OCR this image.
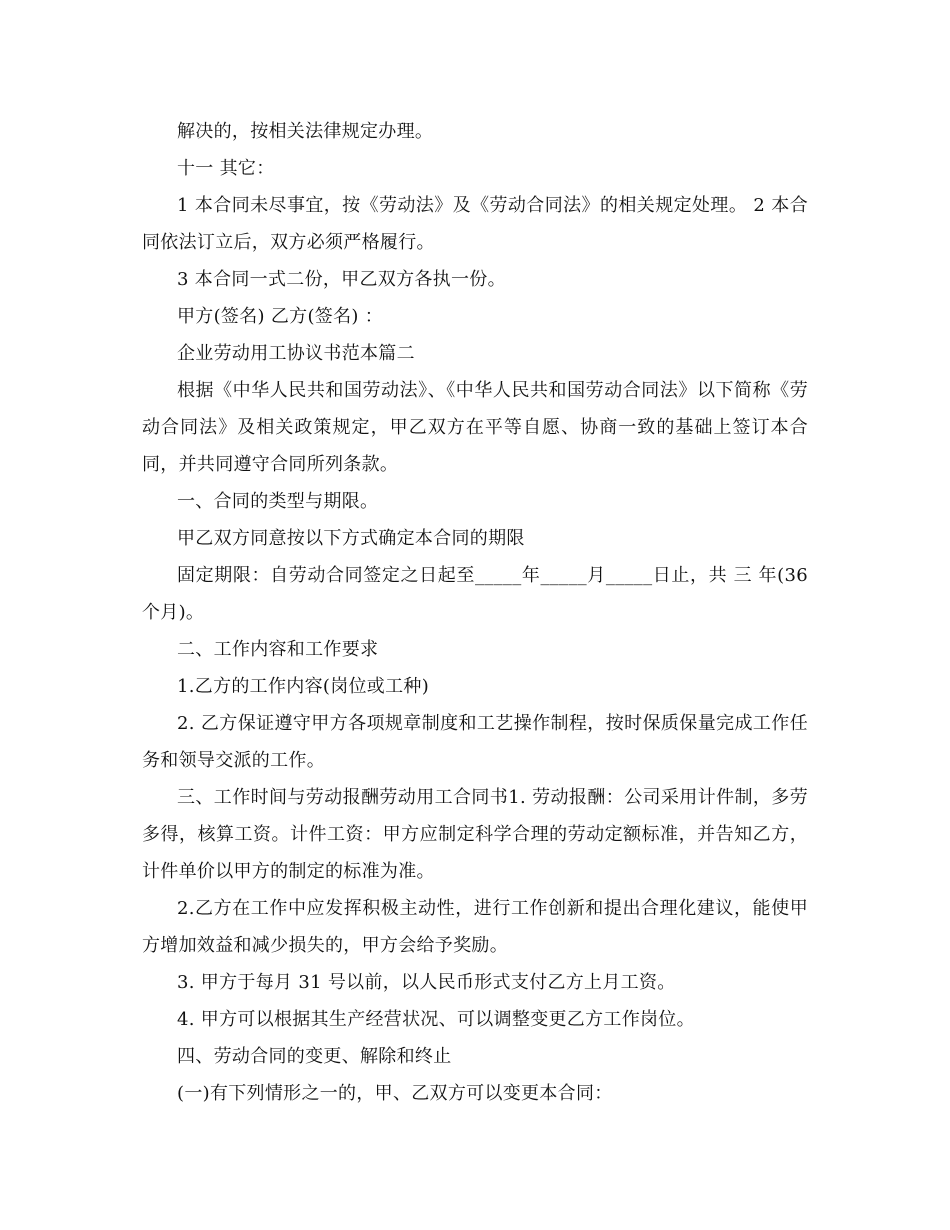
解决的，按相关法律规定办理。

十一 其它：

1 本合同未尽事宜，按《劳动法》及《劳动合同法》的相关规定处理。 2 本合同依法订立后，双方必须严格履行。

3 本合同一式二份，甲乙双方各执一份。

甲方(签名) 乙方(签名) ：

企业劳动用工协议书范本篇二

根据《中华人民共和国劳动法》、《中华人民共和国劳动合同法》以下简称《劳动合同法》及相关政策规定，甲乙双方在平等自愿、协商一致的基础上签订本合同，并共同遵守合同所列条款。

一、合同的类型与期限。

甲乙双方同意按以下方式确定本合同的期限

固定期限：自劳动合同签定之日起至_____年_____月_____日止，共 三 年(36个月)。

二、工作内容和工作要求

1.乙方的工作内容(岗位或工种)

2. 乙方保证遵守甲方各项规章制度和工艺操作制程，按时保质保量完成工作任务和领导交派的工作。

三、工作时间与劳动报酬劳动用工合同书1. 劳动报酬：公司采用计件制，多劳多得，核算工资。计件工资：甲方应制定科学合理的劳动定额标准，并告知乙方，计件单价以甲方的制定的标准为准。

2.乙方在工作中应发挥积极主动性，进行工作创新和提出合理化建议，能使甲方增加效益和减少损失的，甲方会给予奖励。

3. 甲方于每月 31 号以前，以人民币形式支付乙方上月工资。

4. 甲方可以根据其生产经营状况、可以调整变更乙方工作岗位。

四、劳动合同的变更、解除和终止

(一)有下列情形之一的，甲、乙双方可以变更本合同：
